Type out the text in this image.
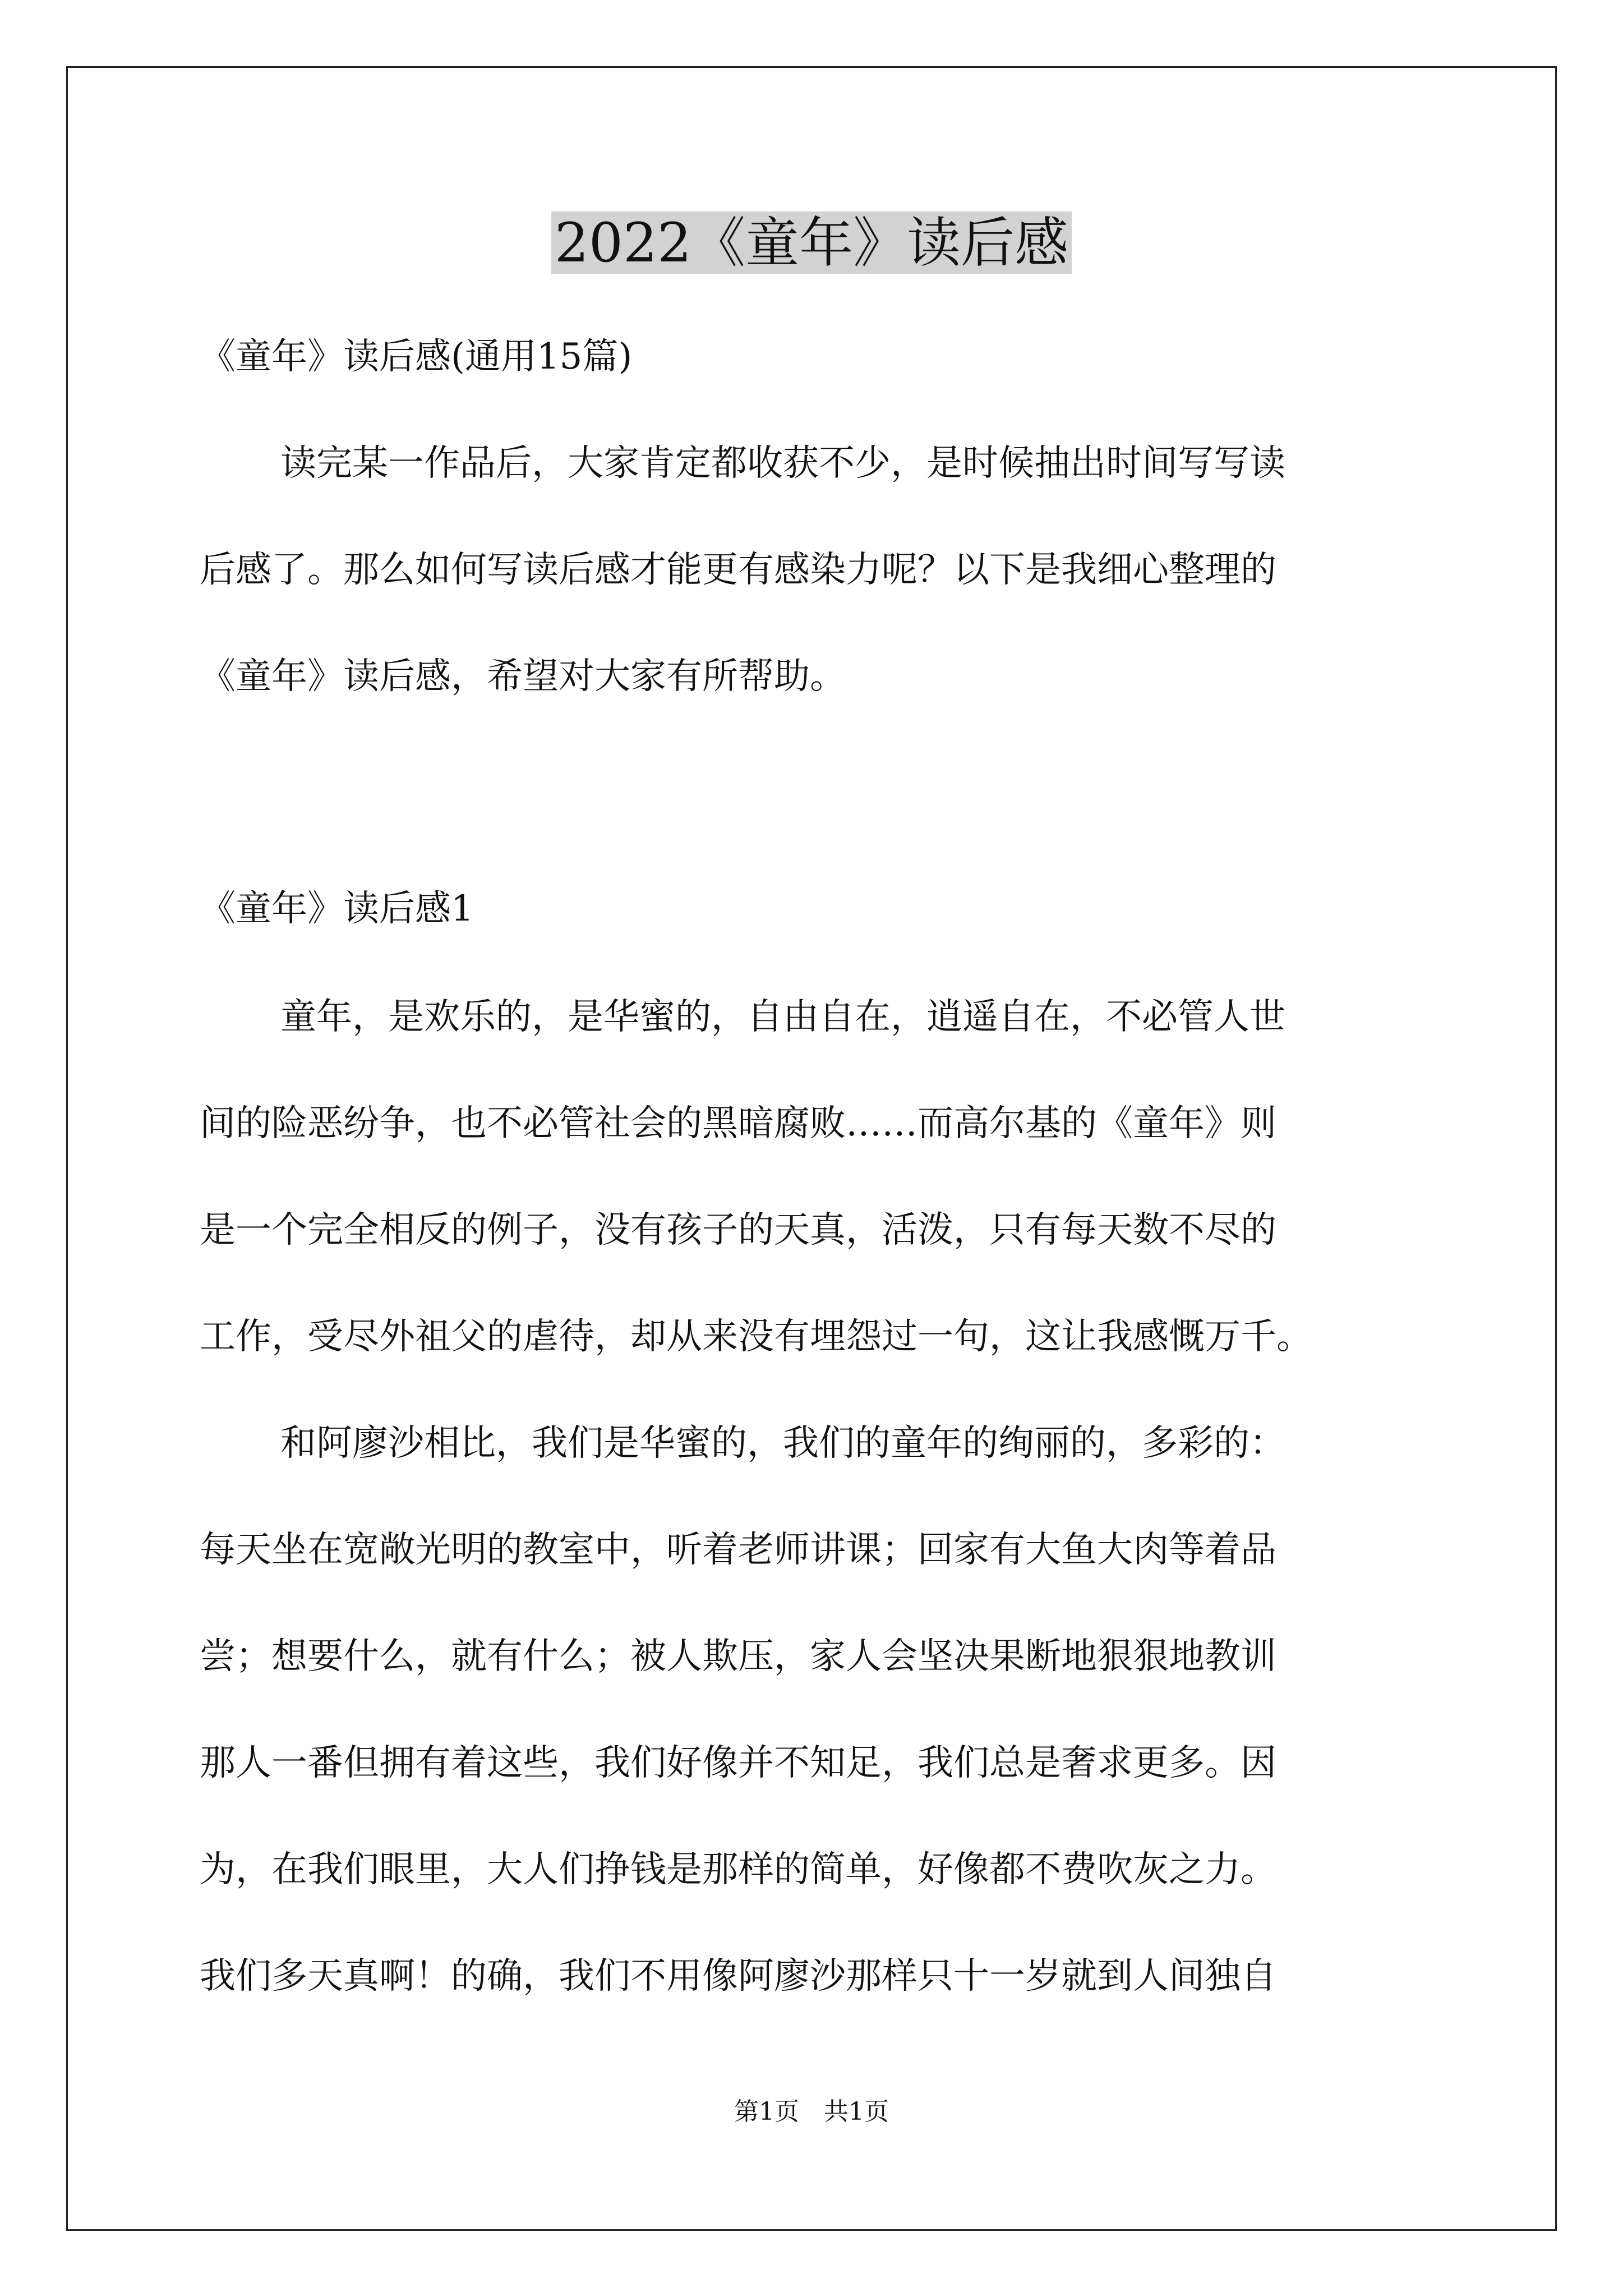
2022《童年》读后感
《童年》读后感(通用15篇)
读完某一作品后，大家肯定都收获不少，是时候抽出时间写写读
后感了。那么如何写读后感才能更有感染力呢？以下是我细心整理的
《童年》读后感，希望对大家有所帮助。
《童年》读后感1
童年，是欢乐的，是华蜜的，自由自在，逍遥自在，不必管人世
间的险恶纷争，也不必管社会的黑暗腐败……而高尔基的《童年》则
是一个完全相反的例子，没有孩子的天真，活泼，只有每天数不尽的
工作，受尽外祖父的虐待，却从来没有埋怨过一句，这让我感慨万千。
和阿廖沙相比，我们是华蜜的，我们的童年的绚丽的，多彩的：
每天坐在宽敞光明的教室中，听着老师讲课；回家有大鱼大肉等着品
尝；想要什么，就有什么；被人欺压，家人会坚决果断地狠狠地教训
那人一番但拥有着这些，我们好像并不知足，我们总是奢求更多。因
为，在我们眼里，大人们挣钱是那样的简单，好像都不费吹灰之力。
我们多天真啊！的确，我们不用像阿廖沙那样只十一岁就到人间独自
第1页　共1页
